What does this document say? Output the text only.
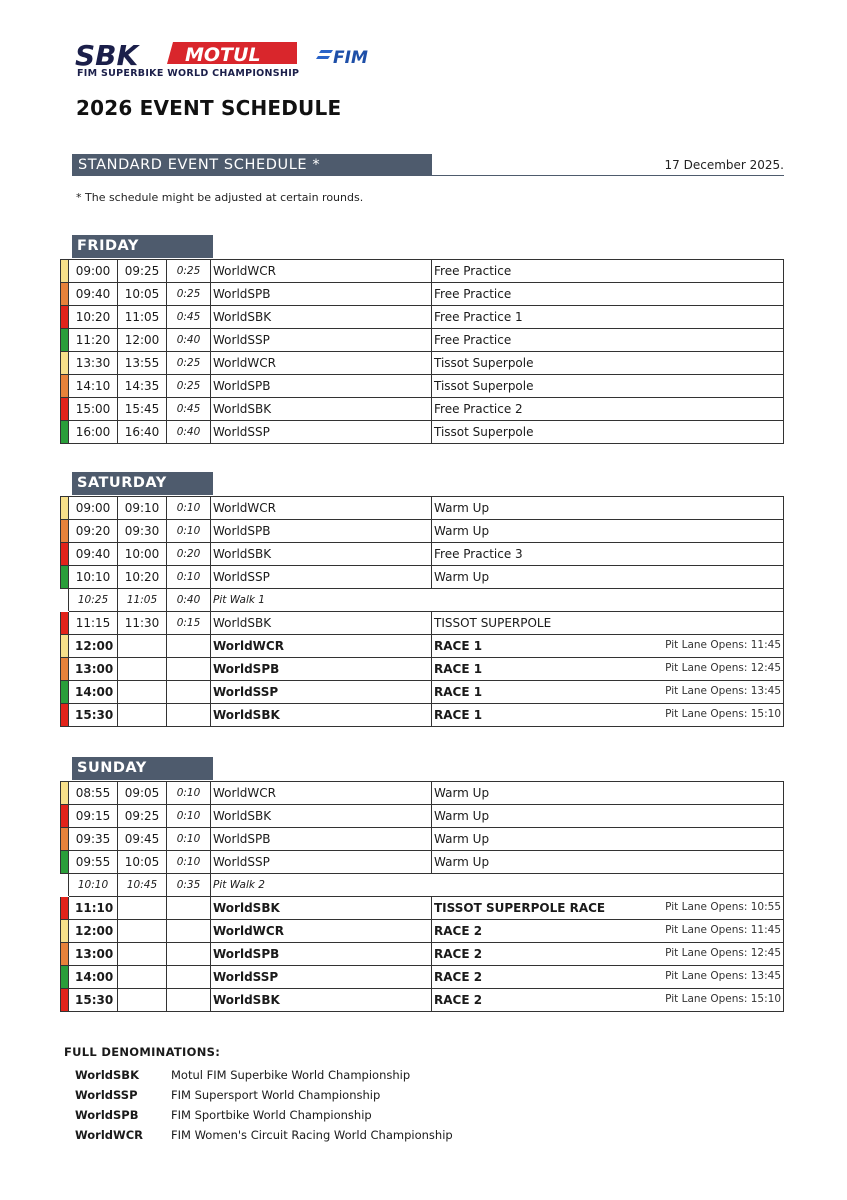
SBK MOTUL	FIM
FIM SUPERBIKE WORLD CHAMPIONSHIP
2026 EVENT SCHEDULE
STANDARD EVENT SCHEDULE *	17 December 2025.
* The schedule might be adjusted at certain rounds.
FRIDAY
	09:00	09:25	0:25	WorldWCR	Free Practice

	09:40	10:05	0:25	WorldSPB	Free Practice

	10:20	11:05	0:45	WorldSBK	Free Practice 1

	11:20	12:00	0:40	WorldSSP	Free Practice

	13:30	13:55	0:25	WorldWCR	Tissot Superpole

	14:10	14:35	0:25	WorldSPB	Tissot Superpole

	15:00	15:45	0:45	WorldSBK	Free Practice 2

	16:00	16:40	0:40	WorldSSP	Tissot Superpole
SATURDAY
	09:00	09:10	0:10	WorldWCR	Warm Up

	09:20	09:30	0:10	WorldSPB	Warm Up

	09:40	10:00	0:20	WorldSBK	Free Practice 3

	10:10	10:20	0:10	WorldSSP	Warm Up

	10:25	11:05	0:40	Pit Walk 1	
	11:15	11:30	0:15	WorldSBK	TISSOT SUPERPOLE

	12:00			WorldWCR	RACE 1 Pit Lane Opens: 11:45

	13:00			WorldSPB	RACE 1 Pit Lane Opens: 12:45

	14:00			WorldSSP	RACE 1 Pit Lane Opens: 13:45

	15:30			WorldSBK	RACE 1 Pit Lane Opens: 15:10
SUNDAY
	08:55	09:05	0:10	WorldWCR	Warm Up

	09:15	09:25	0:10	WorldSBK	Warm Up

	09:35	09:45	0:10	WorldSPB	Warm Up

	09:55	10:05	0:10	WorldSSP	Warm Up

	10:10	10:45	0:35	Pit Walk 2	
	11:10			WorldSBK	TISSOT SUPERPOLE RACE Pit Lane Opens: 10:55

	12:00			WorldWCR	RACE 2 Pit Lane Opens: 11:45

	13:00			WorldSPB	RACE 2 Pit Lane Opens: 12:45

	14:00			WorldSSP	RACE 2 Pit Lane Opens: 13:45

	15:30			WorldSBK	RACE 2 Pit Lane Opens: 15:10
FULL DENOMINATIONS:
WorldSBK	Motul FIM Superbike World Championship
WorldSSP	FIM Supersport World Championship
WorldSPB	FIM Sportbike World Championship
WorldWCR FIM Women's Circuit Racing World Championship
